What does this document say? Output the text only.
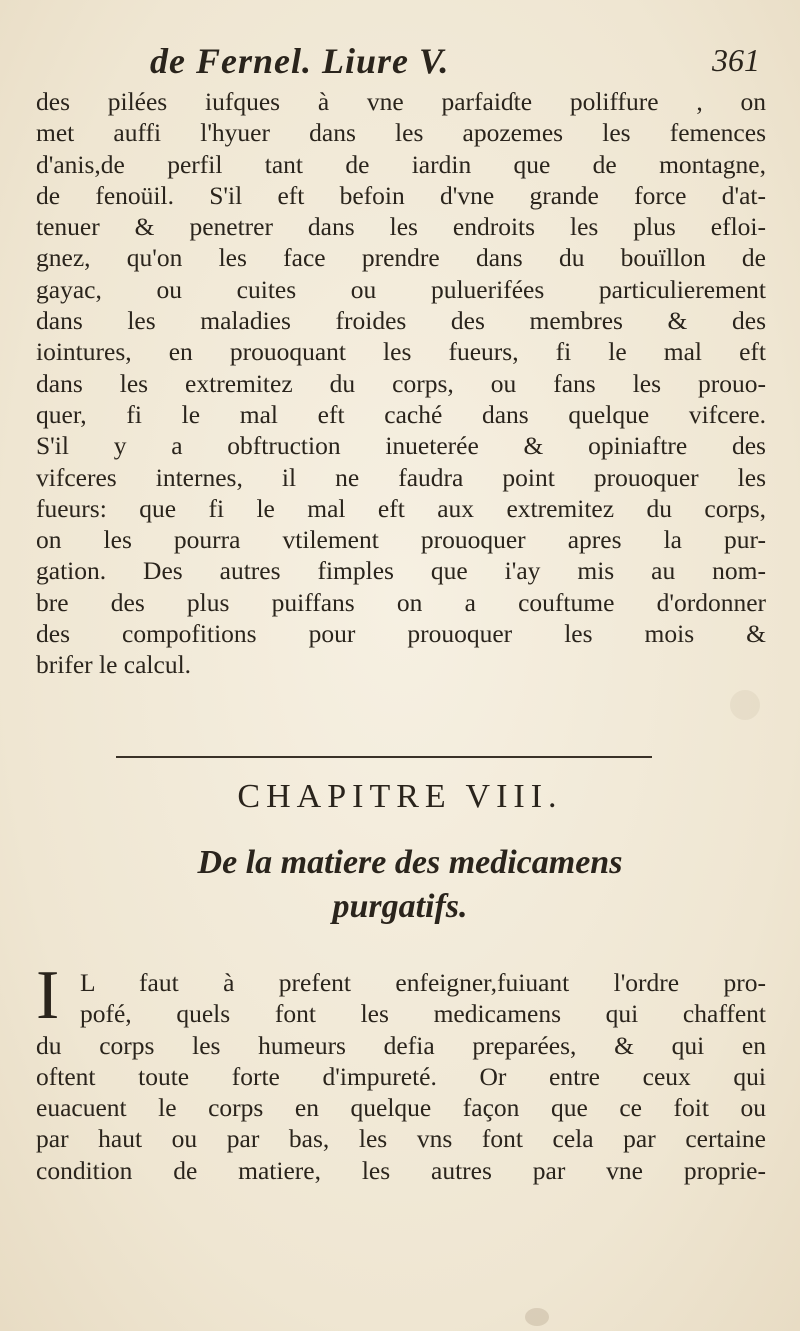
de Fernel. Liure V.	361
des pilées iufques à vne parfaiɗte poliffure , on
met auffi l'hyuer dans les apozemes les femences
d'anis,de perfil tant de iardin que de montagne,
de fenoüil. S'il eft befoin d'vne grande force d'at-
tenuer & penetrer dans les endroits les plus efloi-
gnez, qu'on les face prendre dans du bouïllon de
gayac, ou cuites ou puluerifées particulierement
dans les maladies froides des membres & des
iointures, en prouoquant les fueurs, fi le mal eft
dans les extremitez du corps, ou fans les prouo-
quer, fi le mal eft caché dans quelque vifcere.
S'il y a obftruction inueterée & opiniaftre des
vifceres internes, il ne faudra point prouoquer les
fueurs: que fi le mal eft aux extremitez du corps,
on les pourra vtilement prouoquer apres la pur-
gation. Des autres fimples que i'ay mis au nom-
bre des plus puiffans on a couftume d'ordonner
des compofitions pour prouoquer les mois &
brifer le calcul.
CHAPITRE VIII.
De la matiere des medicamens
purgatifs.
I L faut à prefent enfeigner,fuiuant l'ordre pro-
pofé, quels font les medicamens qui chaffent
du corps les humeurs defia preparées, & qui en
oftent toute forte d'impureté. Or entre ceux qui
euacuent le corps en quelque façon que ce foit ou
par haut ou par bas, les vns font cela par certaine
condition de matiere, les autres par vne proprie-
